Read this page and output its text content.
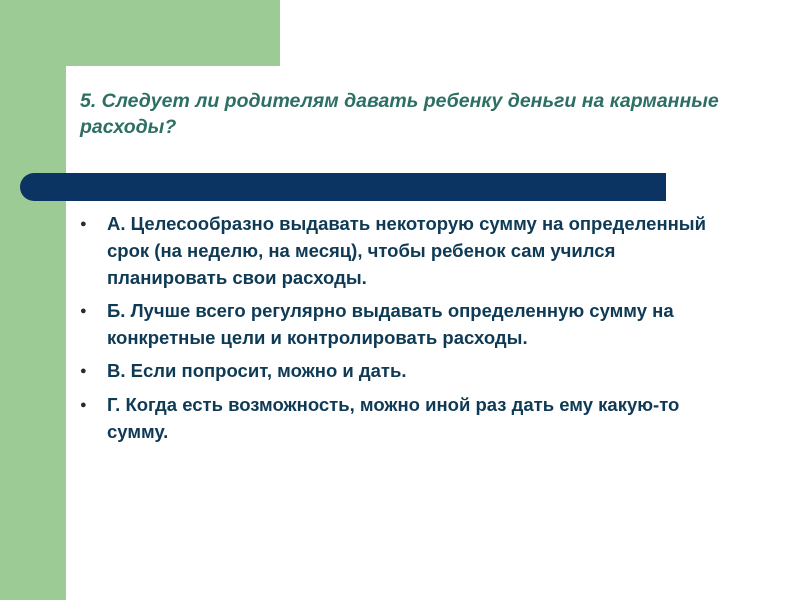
5. Следует ли родителям давать ребенку деньги на карманные расходы?
●	А. Целесообразно выдавать некоторую сумму на определенный срок (на неделю, на месяц), чтобы ребенок сам учился планировать свои расходы.
●	Б. Лучше всего регулярно выдавать определенную сумму на конкретные цели и контролировать расходы.
●	В. Если попросит, можно и дать.
●	Г. Когда есть возможность, можно иной раз дать ему какую-то сумму.
